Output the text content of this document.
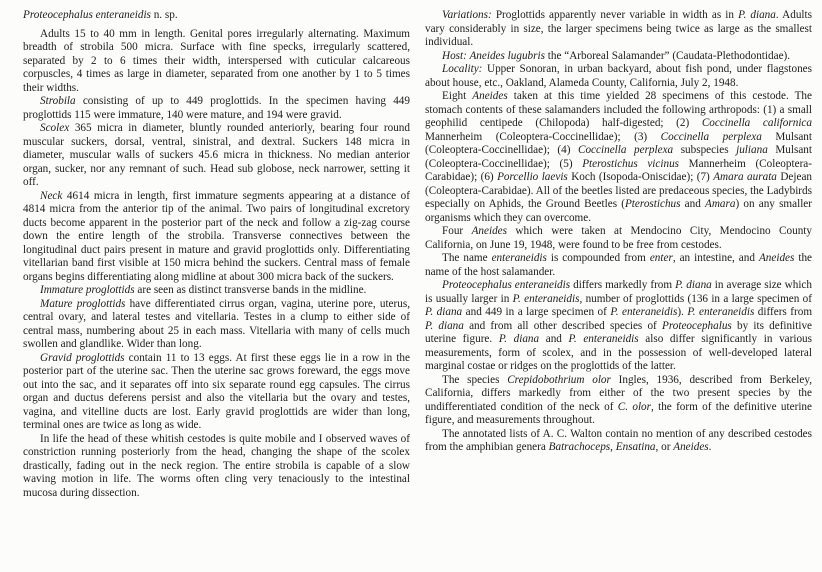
Proteocephalus enteraneidis n. sp.

Adults 15 to 40 mm in length. Genital pores irregularly alternating. Maximum breadth of strobila 500 micra. Surface with fine specks, irregularly scattered, separated by 2 to 6 times their width, interspersed with cuticular calcareous corpuscles, 4 times as large in diameter, separated from one another by 1 to 5 times their widths.

Strobila consisting of up to 449 proglottids. In the specimen having 449 proglottids 115 were immature, 140 were mature, and 194 were gravid.

Scolex 365 micra in diameter, bluntly rounded anteriorly, bearing four round muscular suckers, dorsal, ventral, sinistral, and dextral. Suckers 148 micra in diameter, muscular walls of suckers 45.6 micra in thickness. No median anterior organ, sucker, nor any remnant of such. Head sub globose, neck narrower, setting it off.

Neck 4614 micra in length, first immature segments appearing at a distance of 4814 micra from the anterior tip of the animal. Two pairs of longitudinal excretory ducts become apparent in the posterior part of the neck and follow a zig-zag course down the entire length of the strobila. Transverse connectives between the longitudinal duct pairs present in mature and gravid proglottids only. Differentiating vitellarian band first visible at 150 micra behind the suckers. Central mass of female organs begins differentiating along midline at about 300 micra back of the suckers.

Immature proglottids are seen as distinct transverse bands in the midline.

Mature proglottids have differentiated cirrus organ, vagina, uterine pore, uterus, central ovary, and lateral testes and vitellaria. Testes in a clump to either side of central mass, numbering about 25 in each mass. Vitellaria with many of cells much swollen and glandlike. Wider than long.

Gravid proglottids contain 11 to 13 eggs. At first these eggs lie in a row in the posterior part of the uterine sac. Then the uterine sac grows foreward, the eggs move out into the sac, and it separates off into six separate round egg capsules. The cirrus organ and ductus deferens persist and also the vitellaria but the ovary and testes, vagina, and vitelline ducts are lost. Early gravid proglottids are wider than long, terminal ones are twice as long as wide.

In life the head of these whitish cestodes is quite mobile and I observed waves of constriction running posteriorly from the head, changing the shape of the scolex drastically, fading out in the neck region. The entire strobila is capable of a slow waving motion in life. The worms often cling very tenaciously to the intestinal mucosa during dissection.

Variations: Proglottids apparently never variable in width as in P. diana. Adults vary considerably in size, the larger specimens being twice as large as the smallest individual.

Host: Aneides lugubris the “Arboreal Salamander” (Caudata-Plethodontidae).

Locality: Upper Sonoran, in urban backyard, about fish pond, under flagstones about house, etc., Oakland, Alameda County, California, July 2, 1948.

Eight Aneides taken at this time yielded 28 specimens of this cestode. The stomach contents of these salamanders included the following arthropods: (1) a small geophilid centipede (Chilopoda) half-digested; (2) Coccinella californica Mannerheim (Coleoptera-Coccinellidae); (3) Coccinella perplexa Mulsant (Coleoptera-Coccinellidae); (4) Coccinella perplexa subspecies juliana Mulsant (Coleoptera-Coccinellidae); (5) Pterostichus vicinus Mannerheim (Coleoptera-Carabidae); (6) Porcellio laevis Koch (Isopoda-Oniscidae); (7) Amara aurata Dejean (Coleoptera-Carabidae). All of the beetles listed are predaceous species, the Ladybirds especially on Aphids, the Ground Beetles (Pterostichus and Amara) on any smaller organisms which they can overcome.

Four Aneides which were taken at Mendocino City, Mendocino County California, on June 19, 1948, were found to be free from cestodes.

The name enteraneidis is compounded from enter, an intestine, and Aneides the name of the host salamander.

Proteocephalus enteraneidis differs markedly from P. diana in average size which is usually larger in P. enteraneidis, number of proglottids (136 in a large specimen of P. diana and 449 in a large specimen of P. enteraneidis). P. enteraneidis differs from P. diana and from all other described species of Proteocephalus by its definitive uterine figure. P. diana and P. enteraneidis also differ significantly in various measurements, form of scolex, and in the possession of well-developed lateral marginal costae or ridges on the proglottids of the latter.

The species Crepidobothrium olor Ingles, 1936, described from Berkeley, California, differs markedly from either of the two present species by the undifferentiated condition of the neck of C. olor, the form of the definitive uterine figure, and measurements throughout.

The annotated lists of A. C. Walton contain no mention of any described cestodes from the amphibian genera Batrachoceps, Ensatina, or Aneides.
